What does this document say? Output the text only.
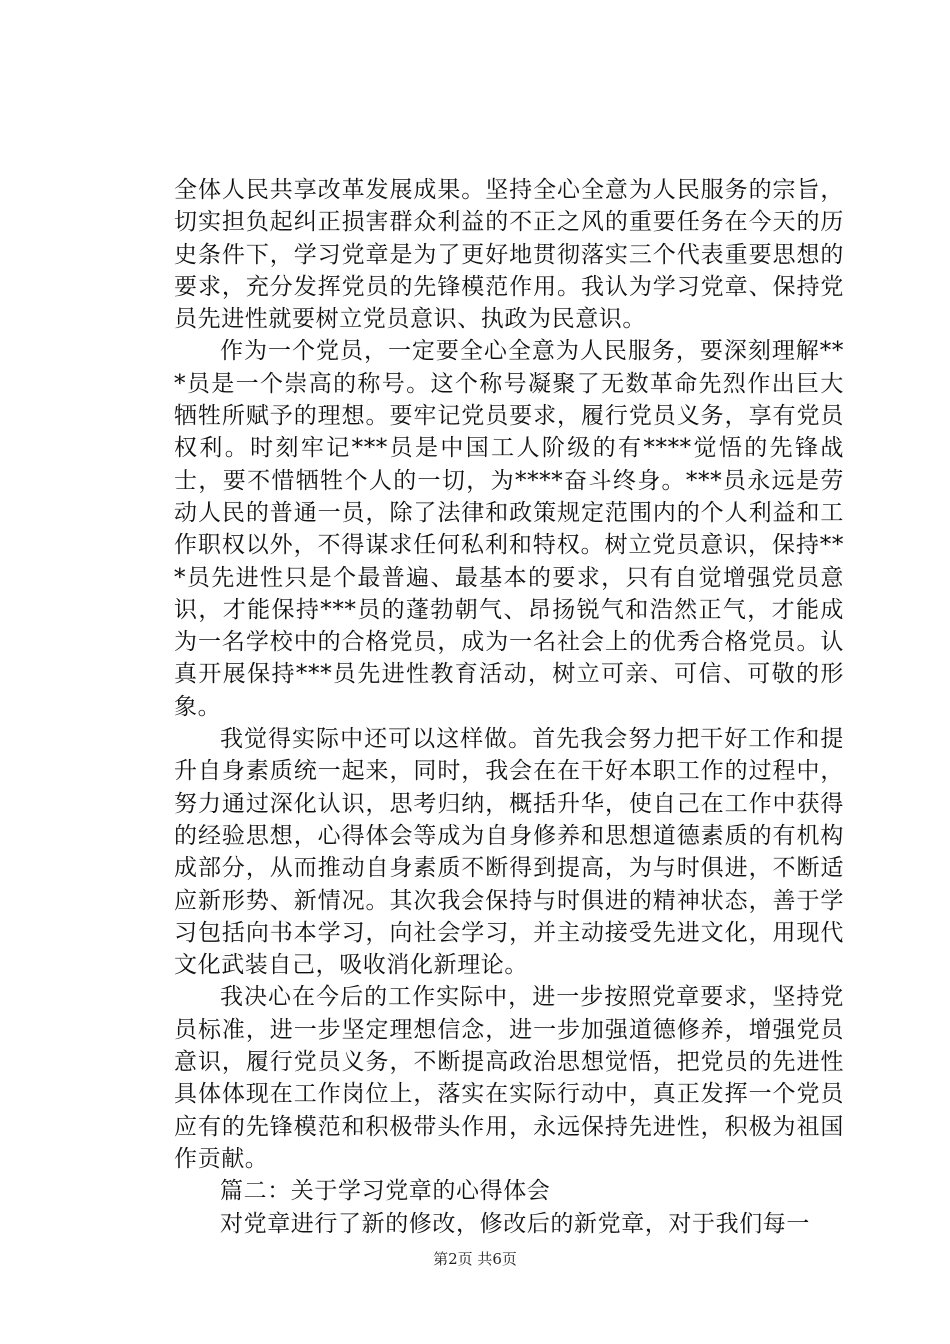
全体人民共享改革发展成果。坚持全心全意为人民服务的宗旨，切实担负起纠正损害群众利益的不正之风的重要任务在今天的历史条件下，学习党章是为了更好地贯彻落实三个代表重要思想的要求，充分发挥党员的先锋模范作用。我认为学习党章、保持党员先进性就要树立党员意识、执政为民意识。

作为一个党员，一定要全心全意为人民服务，要深刻理解***员是一个崇高的称号。这个称号凝聚了无数革命先烈作出巨大牺牲所赋予的理想。要牢记党员要求，履行党员义务，享有党员权利。时刻牢记***员是中国工人阶级的有****觉悟的先锋战士，要不惜牺牲个人的一切，为****奋斗终身。***员永远是劳动人民的普通一员，除了法律和政策规定范围内的个人利益和工作职权以外，不得谋求任何私利和特权。树立党员意识，保持***员先进性只是个最普遍、最基本的要求，只有自觉增强党员意识，才能保持***员的蓬勃朝气、昂扬锐气和浩然正气，才能成为一名学校中的合格党员，成为一名社会上的优秀合格党员。认真开展保持***员先进性教育活动，树立可亲、可信、可敬的形象。

我觉得实际中还可以这样做。首先我会努力把干好工作和提升自身素质统一起来，同时，我会在在干好本职工作的过程中，努力通过深化认识，思考归纳，概括升华，使自己在工作中获得的经验思想，心得体会等成为自身修养和思想道德素质的有机构成部分，从而推动自身素质不断得到提高，为与时俱进，不断适应新形势、新情况。其次我会保持与时俱进的精神状态，善于学习包括向书本学习，向社会学习，并主动接受先进文化，用现代文化武装自己，吸收消化新理论。

我决心在今后的工作实际中，进一步按照党章要求，坚持党员标准，进一步坚定理想信念，进一步加强道德修养，增强党员意识，履行党员义务，不断提高政治思想觉悟，把党员的先进性具体体现在工作岗位上，落实在实际行动中，真正发挥一个党员应有的先锋模范和积极带头作用，永远保持先进性，积极为祖国作贡献。

篇二：关于学习党章的心得体会

对党章进行了新的修改，修改后的新党章，对于我们每一

第2页 共6页
